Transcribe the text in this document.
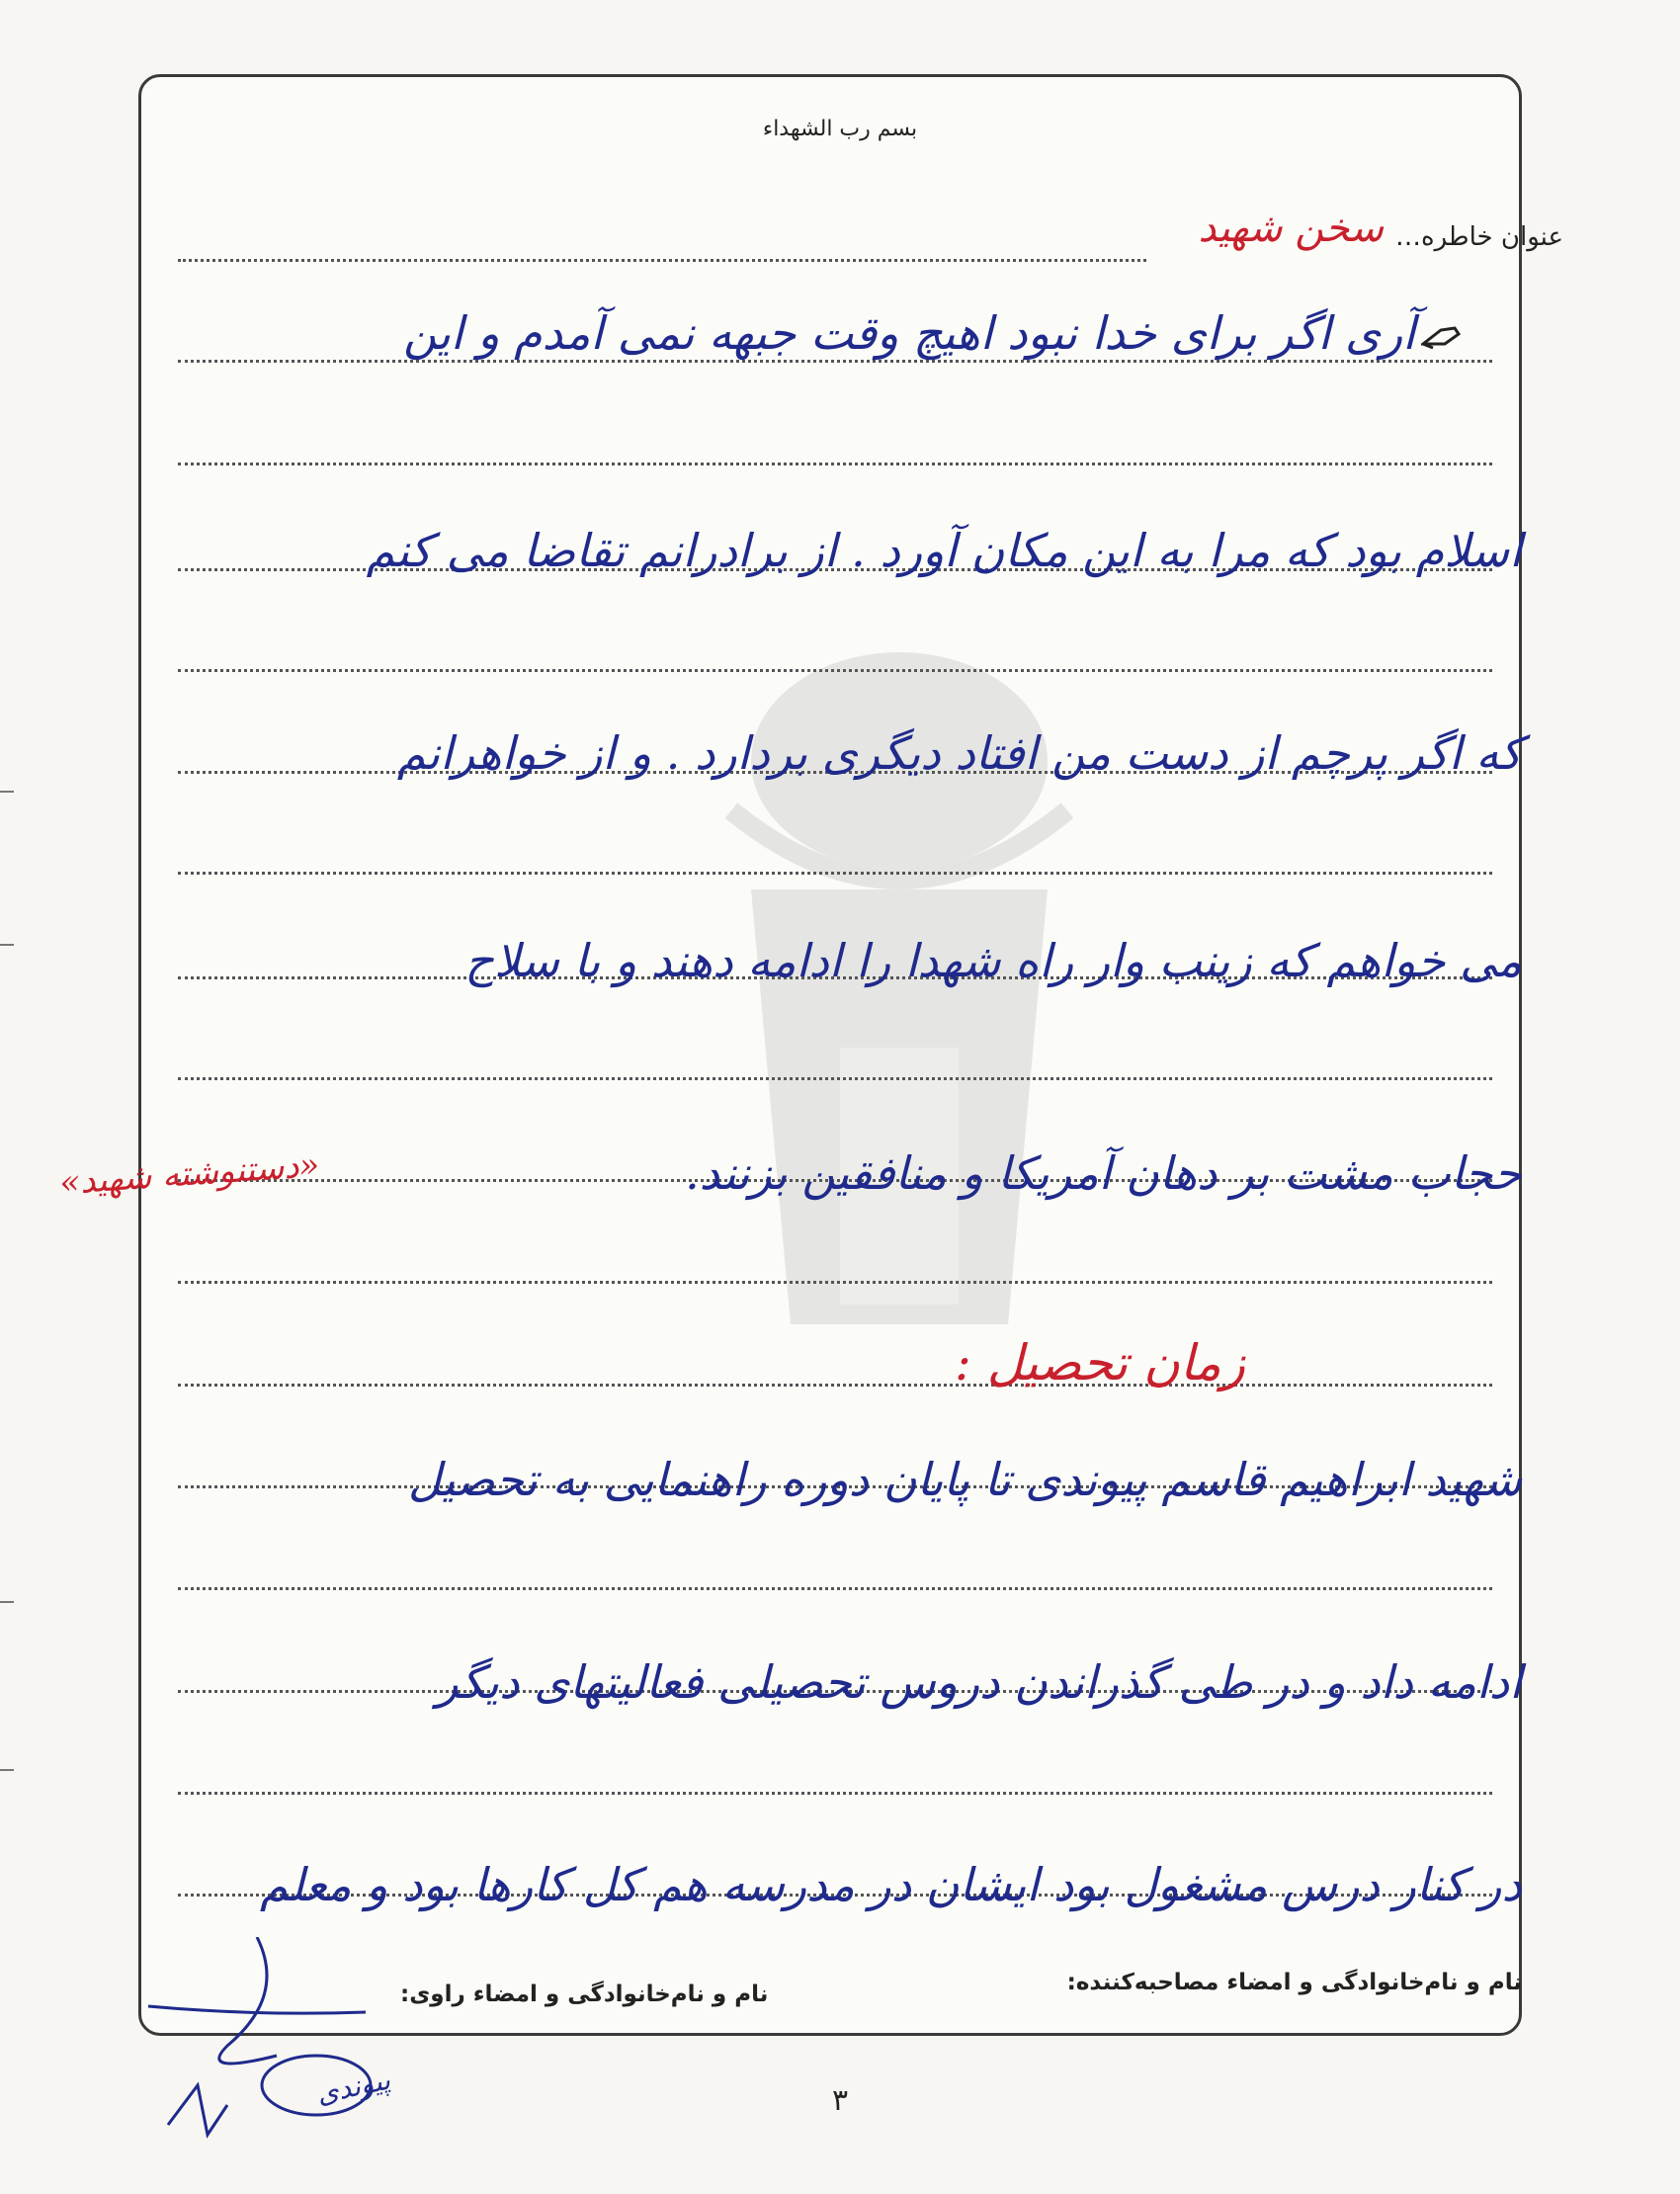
بسم رب الشهداء
عنوان خاطره…
سخن شهید
آری اگر برای خدا نبود اهیچ وقت جبهه نمی آمدم و این
اسلام بود که مرا به این مکان آورد . از برادرانم تقاضا می کنم
که اگر پرچم از دست من افتاد دیگری بردارد . و از خواهرانم
می خواهم که زینب وار راه شهدا را ادامه دهند و با سلاح
حجاب مشت بر دهان آمریکا و منافقین بزنند.
«دستنوشته شهید»
زمان تحصیل :
شهید ابراهیم قاسم پیوندی تا پایان دوره راهنمایی به تحصیل
ادامه داد و در طی گذراندن دروس تحصیلی فعالیتهای دیگر
در کنار درس مشغول بود ایشان در مدرسه هم کل کارها بود و معلم
نام و نام‌خانوادگی و امضاء مصاحبه‌کننده:
نام و نام‌خانوادگی و امضاء راوی:
پیوندی	۳
